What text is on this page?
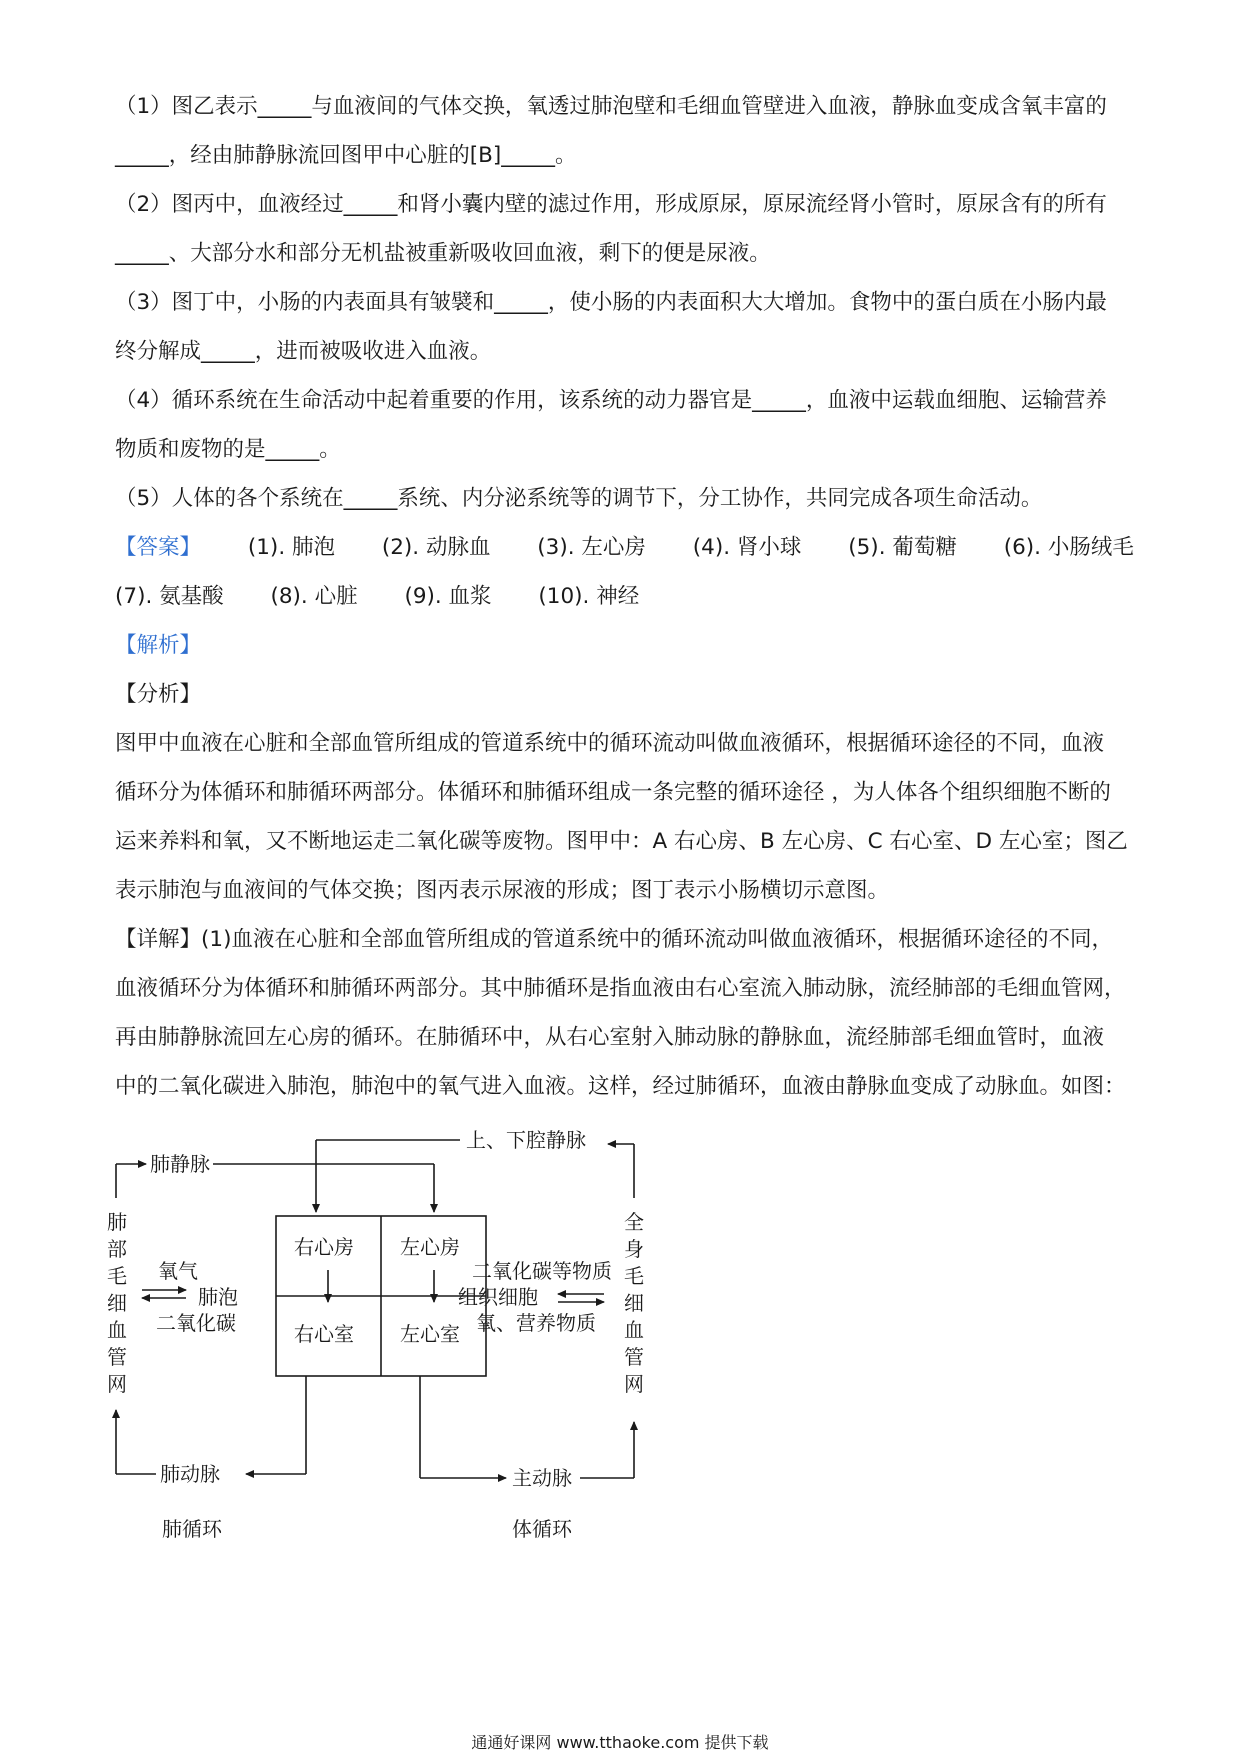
（1）图乙表示_____与血液间的气体交换，氧透过肺泡壁和毛细血管壁进入血液，静脉血变成含氧丰富的

_____，经由肺静脉流回图甲中心脏的[B]_____。

（2）图丙中，血液经过_____和肾小囊内壁的滤过作用，形成原尿，原尿流经肾小管时，原尿含有的所有

_____、大部分水和部分无机盐被重新吸收回血液，剩下的便是尿液。

（3）图丁中，小肠的内表面具有皱襞和_____，使小肠的内表面积大大增加。食物中的蛋白质在小肠内最

终分解成_____，进而被吸收进入血液。

（4）循环系统在生命活动中起着重要的作用，该系统的动力器官是_____，血液中运载血细胞、运输营养

物质和废物的是_____。

（5）人体的各个系统在_____系统、内分泌系统等的调节下，分工协作，共同完成各项生命活动。

【答案】 (1). 肺泡 (2). 动脉血 (3). 左心房 (4). 肾小球 (5). 葡萄糖 (6). 小肠绒毛

(7). 氨基酸 (8). 心脏 (9). 血浆 (10). 神经

【解析】

【分析】

图甲中血液在心脏和全部血管所组成的管道系统中的循环流动叫做血液循环，根据循环途径的不同，血液

循环分为体循环和肺循环两部分。体循环和肺循环组成一条完整的循环途径 ，为人体各个组织细胞不断的

运来养料和氧，又不断地运走二氧化碳等废物。图甲中：A 右心房、B 左心房、C 右心室、D 左心室；图乙

表示肺泡与血液间的气体交换；图丙表示尿液的形成；图丁表示小肠横切示意图。

【详解】(1)血液在心脏和全部血管所组成的管道系统中的循环流动叫做血液循环，根据循环途径的不同，

血液循环分为体循环和肺循环两部分。其中肺循环是指血液由右心室流入肺动脉，流经肺部的毛细血管网，

再由肺静脉流回左心房的循环。在肺循环中，从右心室射入肺动脉的静脉血，流经肺部毛细血管时，血液

中的二氧化碳进入肺泡，肺泡中的氧气进入血液。这样，经过肺循环，血液由静脉血变成了动脉血。如图：

肺静脉
上、下腔静脉
右心房 左心房
右心室 左心室
氧气
肺泡
二氧化碳
二氧化碳等物质
组织细胞
氧、营养物质
肺动脉	主动脉
肺循环	体循环
肺
部
毛
细
血
管
网
全
身
毛
细
血
管
网
通通好课网 www.tthaoke.com 提供下载
